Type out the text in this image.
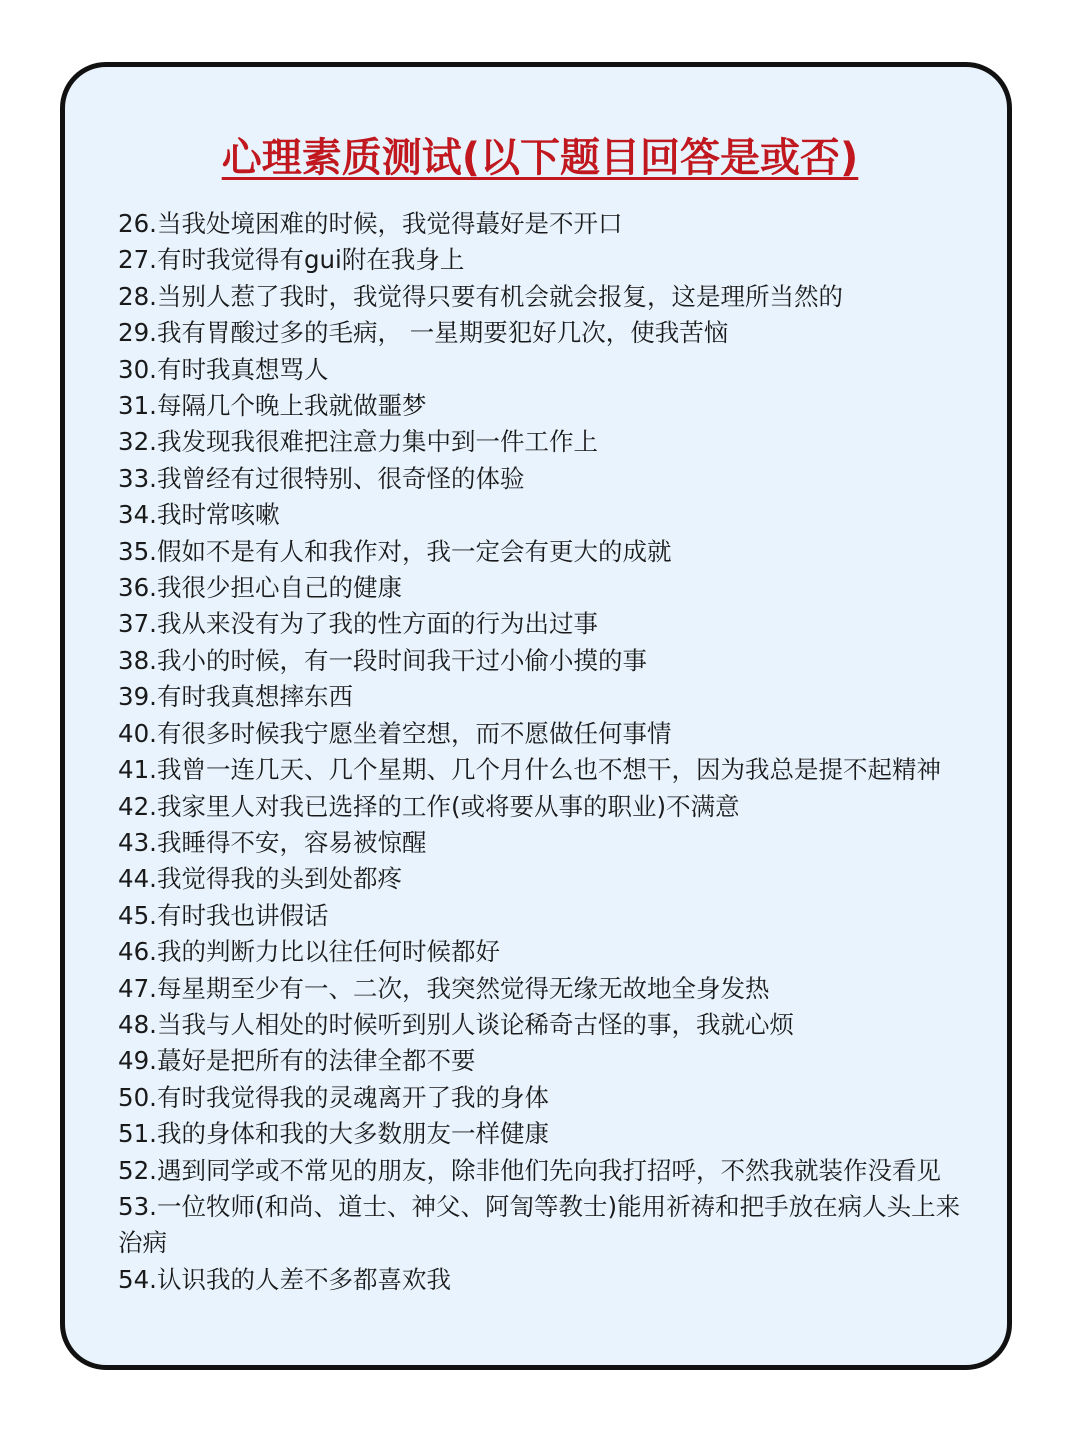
心理素质测试(以下题目回答是或否)
26.当我处境困难的时候，我觉得蕞好是不开口
27.有时我觉得有gui附在我身上
28.当别人惹了我时，我觉得只要有机会就会报复，这是理所当然的
29.我有胃酸过多的毛病， 一星期要犯好几次，使我苦恼
30.有时我真想骂人
31.每隔几个晚上我就做噩梦
32.我发现我很难把注意力集中到一件工作上
33.我曾经有过很特别、很奇怪的体验
34.我时常咳嗽
35.假如不是有人和我作对，我一定会有更大的成就
36.我很少担心自己的健康
37.我从来没有为了我的性方面的行为出过事
38.我小的时候，有一段时间我干过小偷小摸的事
39.有时我真想摔东西
40.有很多时候我宁愿坐着空想，而不愿做任何事情
41.我曾一连几天、几个星期、几个月什么也不想干，因为我总是提不起精神
42.我家里人对我已选择的工作(或将要从事的职业)不满意
43.我睡得不安，容易被惊醒
44.我觉得我的头到处都疼
45.有时我也讲假话
46.我的判断力比以往任何时候都好
47.每星期至少有一、二次，我突然觉得无缘无故地全身发热
48.当我与人相处的时候听到别人谈论稀奇古怪的事，我就心烦
49.蕞好是把所有的法律全都不要
50.有时我觉得我的灵魂离开了我的身体
51.我的身体和我的大多数朋友一样健康
52.遇到同学或不常见的朋友，除非他们先向我打招呼，不然我就装作没看见
53.一位牧师(和尚、道士、神父、阿訇等教士)能用祈祷和把手放在病人头上来治病
54.认识我的人差不多都喜欢我
